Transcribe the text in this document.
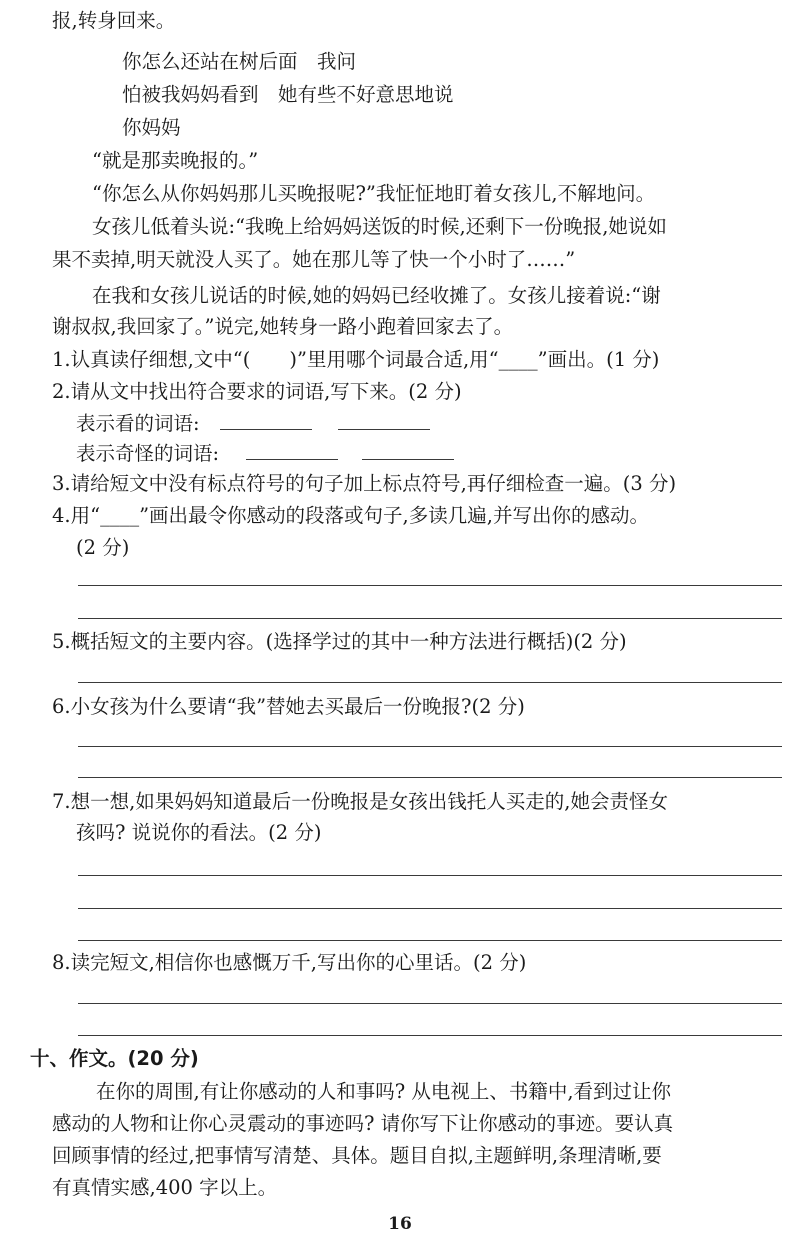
报,转身回来。
你怎么还站在树后面　我问
怕被我妈妈看到　她有些不好意思地说
你妈妈
“就是那卖晚报的。”
“你怎么从你妈妈那儿买晚报呢?”我怔怔地盯着女孩儿,不解地问。
女孩儿低着头说:“我晚上给妈妈送饭的时候,还剩下一份晚报,她说如
果不卖掉,明天就没人买了。她在那儿等了快一个小时了……”
在我和女孩儿说话的时候,她的妈妈已经收摊了。女孩儿接着说:“谢
谢叔叔,我回家了。”说完,她转身一路小跑着回家去了。
1.认真读仔细想,文中“(　　)”里用哪个词最合适,用“____”画出。(1 分)
2.请从文中找出符合要求的词语,写下来。(2 分)
表示看的词语:
表示奇怪的词语:
3.请给短文中没有标点符号的句子加上标点符号,再仔细检查一遍。(3 分)
4.用“____”画出最令你感动的段落或句子,多读几遍,并写出你的感动。
(2 分)
5.概括短文的主要内容。(选择学过的其中一种方法进行概括)(2 分)
6.小女孩为什么要请“我”替她去买最后一份晚报?(2 分)
7.想一想,如果妈妈知道最后一份晚报是女孩出钱托人买走的,她会责怪女
孩吗? 说说你的看法。(2 分)
8.读完短文,相信你也感慨万千,写出你的心里话。(2 分)
十、作文。(20 分)
在你的周围,有让你感动的人和事吗? 从电视上、书籍中,看到过让你
感动的人物和让你心灵震动的事迹吗? 请你写下让你感动的事迹。要认真
回顾事情的经过,把事情写清楚、具体。题目自拟,主题鲜明,条理清晰,要
有真情实感,400 字以上。
16
